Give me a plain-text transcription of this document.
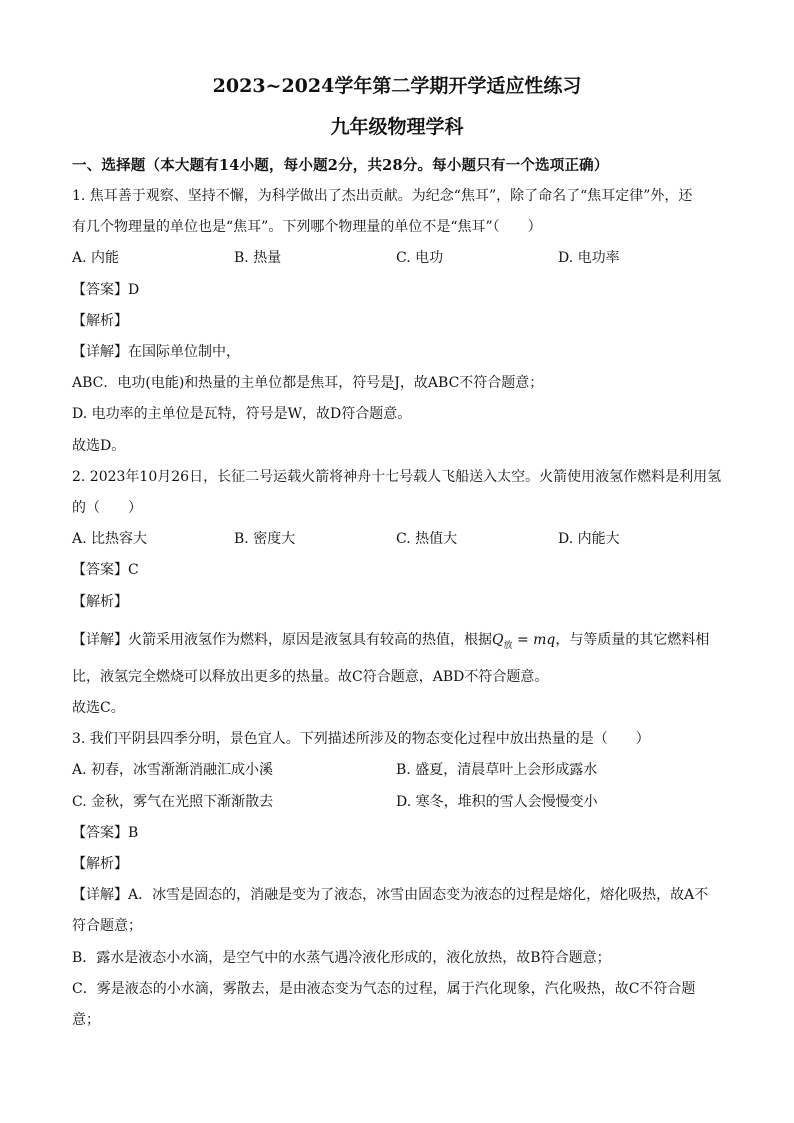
2023~2024学年第二学期开学适应性练习
九年级物理学科
一、选择题（本大题有14小题，每小题2分，共28分。每小题只有一个选项正确）
1. 焦耳善于观察、坚持不懈，为科学做出了杰出贡献。为纪念“焦耳”，除了命名了“焦耳定律”外，还
有几个物理量的单位也是“焦耳”。下列哪个物理量的单位不是“焦耳”（　　）
A. 内能	B. 热量	C. 电功	D. 电功率
【答案】D
【解析】
【详解】在国际单位制中，
ABC．电功(电能)和热量的主单位都是焦耳，符号是J，故ABC不符合题意；
D. 电功率的主单位是瓦特，符号是W，故D符合题意。
故选D。
2. 2023年10月26日，长征二号运载火箭将神舟十七号载人飞船送入太空。火箭使用液氢作燃料是利用氢
的（　　）
A. 比热容大	B. 密度大	C. 热值大	D. 内能大
【答案】C
【解析】
【详解】火箭采用液氢作为燃料，原因是液氢具有较高的热值，根据$Q_放$ = mq，与等质量的其它燃料相
比，液氢完全燃烧可以释放出更多的热量。故C符合题意，ABD不符合题意。
故选C。
3. 我们平阴县四季分明，景色宜人。下列描述所涉及的物态变化过程中放出热量的是（　　）
A. 初春，冰雪渐渐消融汇成小溪	B. 盛夏，清晨草叶上会形成露水
C. 金秋，雾气在光照下渐渐散去	D. 寒冬，堆积的雪人会慢慢变小
【答案】B
【解析】
【详解】A．冰雪是固态的，消融是变为了液态，冰雪由固态变为液态的过程是熔化，熔化吸热，故A不
符合题意；
B．露水是液态小水滴，是空气中的水蒸气遇冷液化形成的，液化放热，故B符合题意；
C．雾是液态的小水滴，雾散去，是由液态变为气态的过程，属于汽化现象，汽化吸热，故C不符合题
意；
